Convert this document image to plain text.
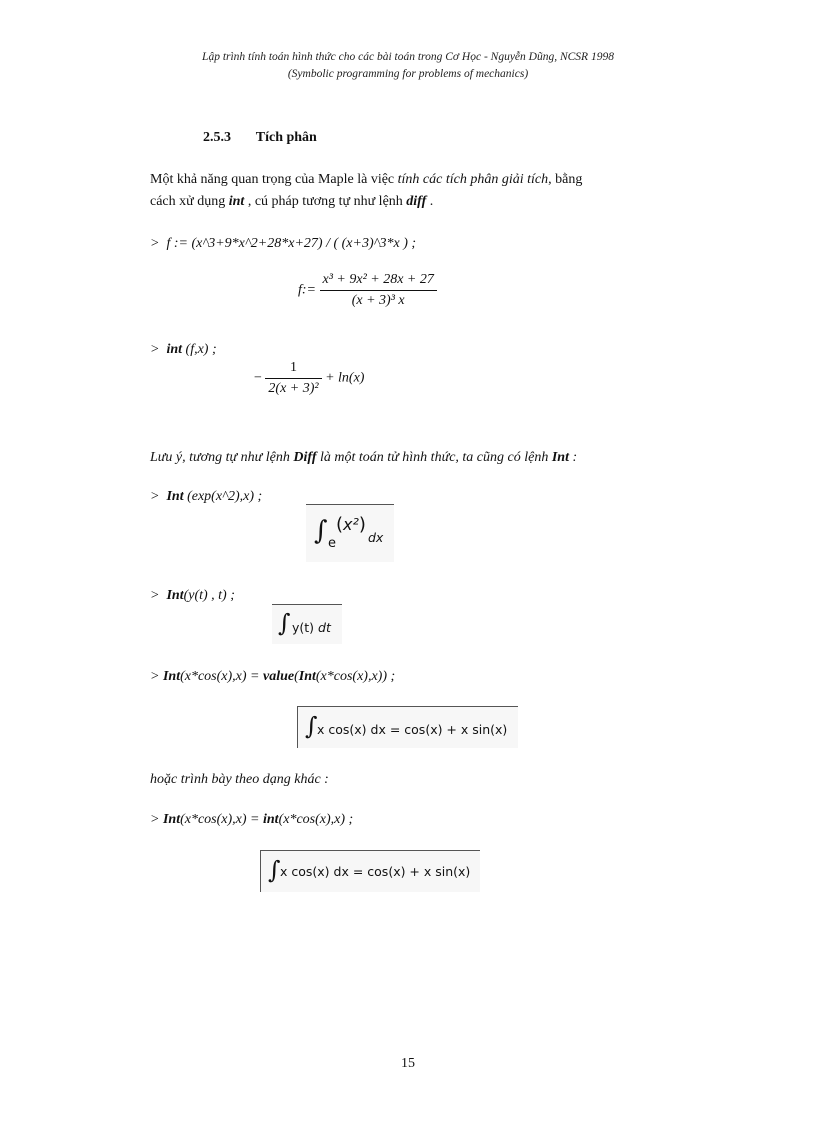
Lập trình tính toán hình thức cho các bài toán trong Cơ Học - Nguyễn Dũng, NCSR 1998
(Symbolic programming for problems of mechanics)
2.5.3 Tích phân
Một khả năng quan trọng của Maple là việc tính các tích phân giải tích, bằng
cách xử dụng int , cú pháp tương tự như lệnh diff .
> f := (x^3+9*x^2+28*x+27) / ( (x+3)^3*x ) ;
f:= $\frac{\text{x³ + 9x² + 28x + 27}}{\text{(x + 3)³ x}}$
> int (f,x) ;
− $\frac{1}{\text{2(x + 3)²}} + \ln(x)$
Lưu ý, tương tự như lệnh Diff là một toán tử hình thức, ta cũng có lệnh Int :
> Int (exp(x^2),x) ;
∫ e
(x²)
dx
> Int(y(t) , t) ;
∫ y(t) dt
> Int(x*cos(x),x) = value(Int(x*cos(x),x)) ;
∫ x cos(x) dx = cos(x) + x sin(x)
hoặc trình bày theo dạng khác :
> Int(x*cos(x),x) = int(x*cos(x),x) ;
∫ x cos(x) dx = cos(x) + x sin(x)
15
